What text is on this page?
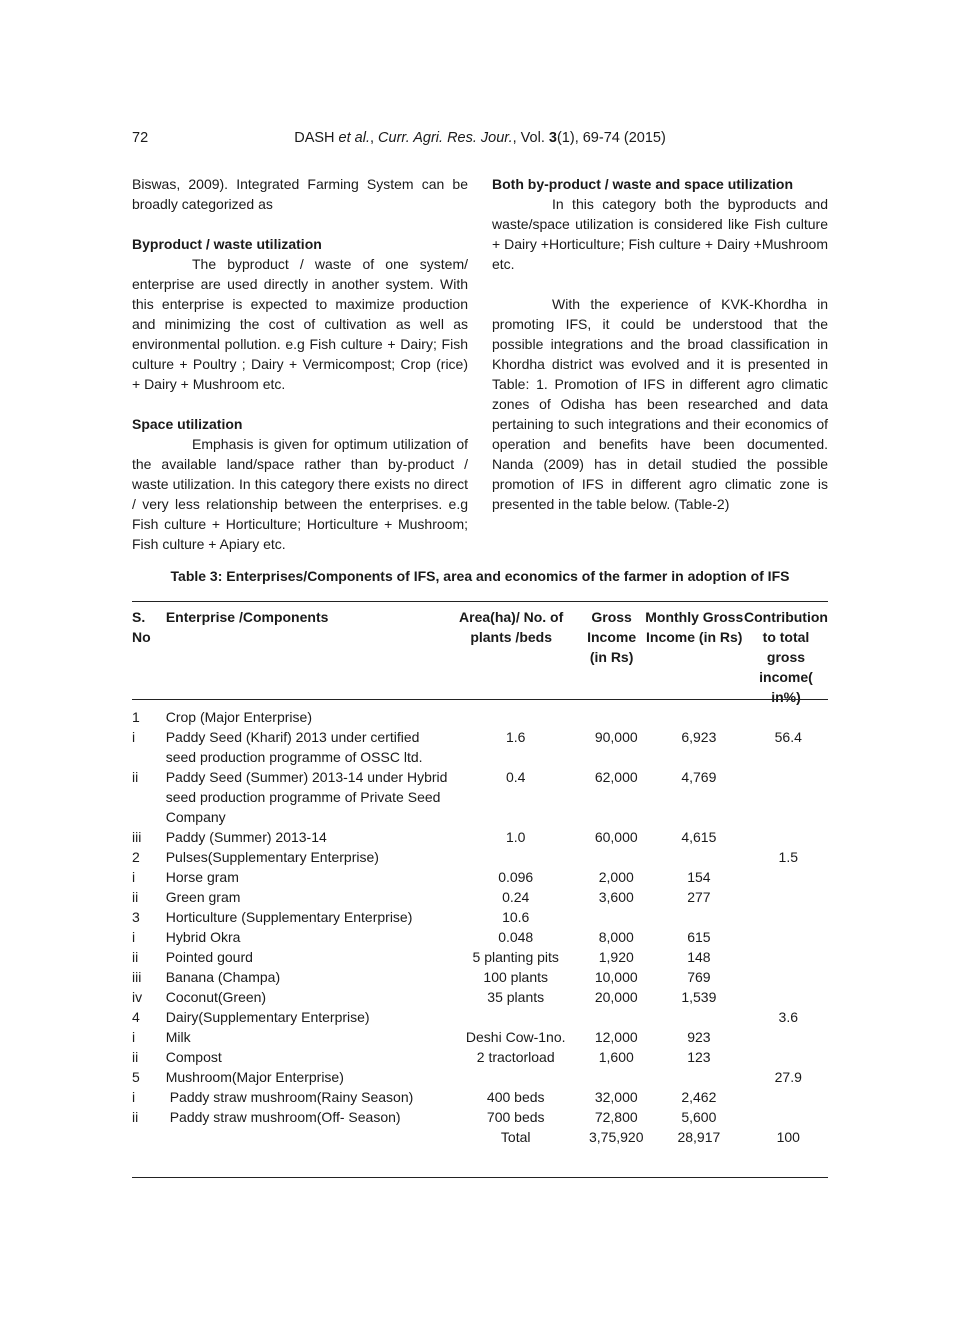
72	DASH et al., Curr. Agri. Res. Jour., Vol. 3(1), 69-74 (2015)

Biswas, 2009). Integrated Farming System can be broadly categorized as

Byproduct / waste utilization

The byproduct / waste of one system/ enterprise are used directly in another system. With this enterprise is expected to maximize production and minimizing the cost of cultivation as well as environmental pollution. e.g Fish culture + Dairy; Fish culture + Poultry ; Dairy + Vermicompost; Crop (rice) + Dairy + Mushroom etc.

Space utilization

Emphasis is given for optimum utilization of the available land/space rather than by-product / waste utilization. In this category there exists no direct / very less relationship between the enterprises. e.g Fish culture + Horticulture; Horticulture + Mushroom; Fish culture + Apiary etc.

Both by-product / waste and space utilization

In this category both the byproducts and waste/space utilization is considered like Fish culture + Dairy +Horticulture; Fish culture + Dairy +Mushroom etc.

With the experience of KVK-Khordha in promoting IFS, it could be understood that the possible integrations and the broad classification in Khordha district was evolved and it is presented in Table: 1. Promotion of IFS in different agro climatic zones of Odisha has been researched and data pertaining to such integrations and their economics of operation and benefits have been documented. Nanda (2009) has in detail studied the possible promotion of IFS in different agro climatic zone is presented in the table below. (Table-2)

Table 3: Enterprises/Components of IFS, area and economics of the farmer in adoption of IFS
S. No	Enterprise /Components	Area(ha)/ No. of plants /beds	Gross Income (in Rs)	Monthly Gross Income (in Rs)	Contribution to total gross income( in%)
1	Crop (Major Enterprise)				
i	Paddy Seed (Kharif) 2013 under certified seed production programme of OSSC ltd.	1.6	90,000	6,923	56.4
ii	Paddy Seed (Summer) 2013-14 under Hybrid seed production programme of Private Seed Company	0.4	62,000	4,769	
iii	Paddy (Summer) 2013-14	1.0	60,000	4,615	
2	Pulses(Supplementary Enterprise)				1.5
i	Horse gram	0.096	2,000	154	
ii	Green gram	0.24	3,600	277	
3	Horticulture (Supplementary Enterprise)	10.6			
i	Hybrid Okra	0.048	8,000	615	
ii	Pointed gourd	5 planting pits	1,920	148	
iii	Banana (Champa)	100 plants	10,000	769	
iv	Coconut(Green)	35 plants	20,000	1,539	
4	Dairy(Supplementary Enterprise)				3.6
i	Milk	Deshi Cow-1no.	12,000	923	
ii	Compost	2 tractorload	1,600	123	
5	Mushroom(Major Enterprise)				27.9
i	Paddy straw mushroom(Rainy Season)	400 beds	32,000	2,462	
ii	Paddy straw mushroom(Off- Season)	700 beds	72,800	5,600	
		Total	3,75,920	28,917	100
